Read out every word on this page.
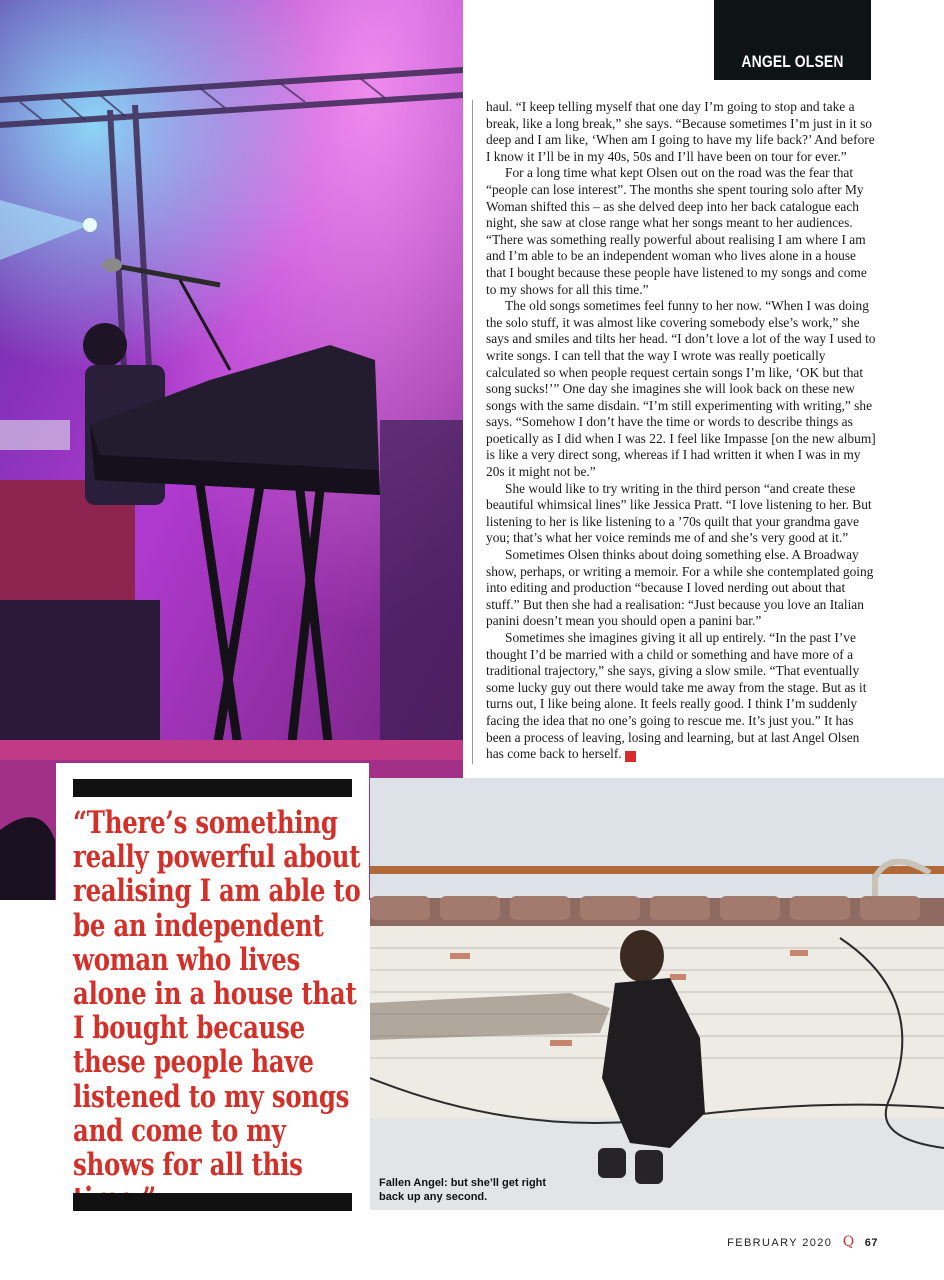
ANGEL OLSEN

haul. “I keep telling myself that one day I’m going to stop and take a break, like a long break,” she says. “Because sometimes I’m just in it so deep and I am like, ‘When am I going to have my life back?’ And before I know it I’ll be in my 40s, 50s and I’ll have been on tour for ever.”

For a long time what kept Olsen out on the road was the fear that “people can lose interest”. The months she spent touring solo after My Woman shifted this – as she delved deep into her back catalogue each night, she saw at close range what her songs meant to her audiences. “There was something really powerful about realising I am where I am and I’m able to be an independent woman who lives alone in a house that I bought because these people have listened to my songs and come to my shows for all this time.”

The old songs sometimes feel funny to her now. “When I was doing the solo stuff, it was almost like covering somebody else’s work,” she says and smiles and tilts her head. “I don’t love a lot of the way I used to write songs. I can tell that the way I wrote was really poetically calculated so when people request certain songs I’m like, ‘OK but that song sucks!’” One day she imagines she will look back on these new songs with the same disdain. “I’m still experimenting with writing,” she says. “Somehow I don’t have the time or words to describe things as poetically as I did when I was 22. I feel like Impasse [on the new album] is like a very direct song, whereas if I had written it when I was in my 20s it might not be.”

She would like to try writing in the third person “and create these beautiful whimsical lines” like Jessica Pratt. “I love listening to her. But listening to her is like listening to a ’70s quilt that your grandma gave you; that’s what her voice reminds me of and she’s very good at it.”

Sometimes Olsen thinks about doing something else. A Broadway show, perhaps, or writing a memoir. For a while she contemplated going into editing and production “because I loved nerding out about that stuff.” But then she had a realisation: “Just because you love an Italian panini doesn’t mean you should open a panini bar.”

Sometimes she imagines giving it all up entirely. “In the past I’ve thought I’d be married with a child or something and have more of a traditional trajectory,” she says, giving a slow smile. “That eventually some lucky guy out there would take me away from the stage. But as it turns out, I like being alone. It feels really good. I think I’m suddenly facing the idea that no one’s going to rescue me. It’s just you.” It has been a process of leaving, losing and learning, but at last Angel Olsen has come back to herself.	Q

“There’s something really powerful about realising I am able to be an independent woman who lives alone in a house that I bought because these people have listened to my songs and come to my shows for all this	Fallen Angel: but she’ll get right back up any second.
FEBRUARY 2020 Q 67
